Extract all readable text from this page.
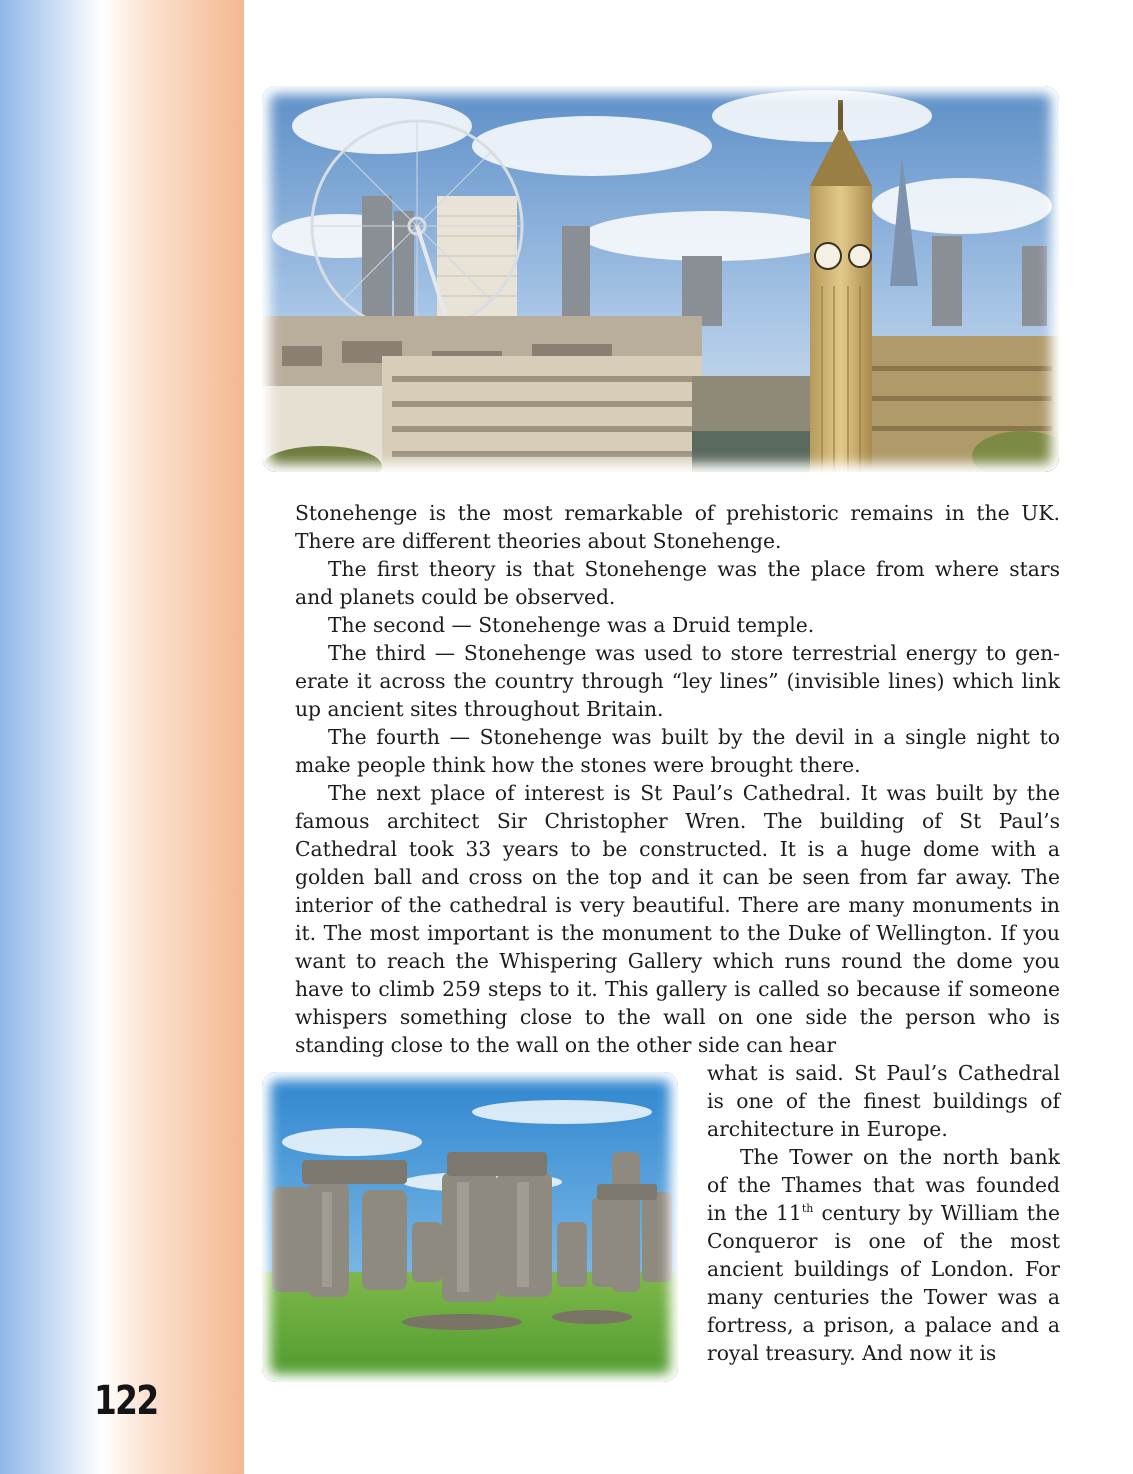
122

Stonehenge is the most remarkable of prehistoric remains in the UK. There are different theories about Stonehenge.

The first theory is that Stonehenge was the place from where stars and planets could be observed.

The second — Stonehenge was a Druid temple.

The third — Stonehenge was used to store terrestrial energy to generate it across the country through “ley lines” (invisible lines) which link up ancient sites throughout Britain.

The fourth — Stonehenge was built by the devil in a single night to make people think how the stones were brought there.

The next place of interest is St Paul’s Cathedral. It was built by the famous architect Sir Christopher Wren. The building of St Paul’s Cathedral took 33 years to be constructed. It is a huge dome with a golden ball and cross on the top and it can be seen from far away. The interior of the cathedral is very beautiful. There are many monuments in it. The most important is the monument to the Duke of Wellington. If you want to reach the Whispering Gallery which runs round the dome you have to climb 259 steps to it. This gallery is called so because if someone whispers something close to the wall on one side the person who is standing close to the wall on the other side can hear

what is said. St Paul’s Cathedral is one of the finest buildings of architecture in Europe.

The Tower on the north bank of the Thames that was founded in the 11th century by William the Conqueror is one of the most ancient buildings of London. For many centuries the Tower was a fortress, a prison, a palace and a royal treasury. And now it is
